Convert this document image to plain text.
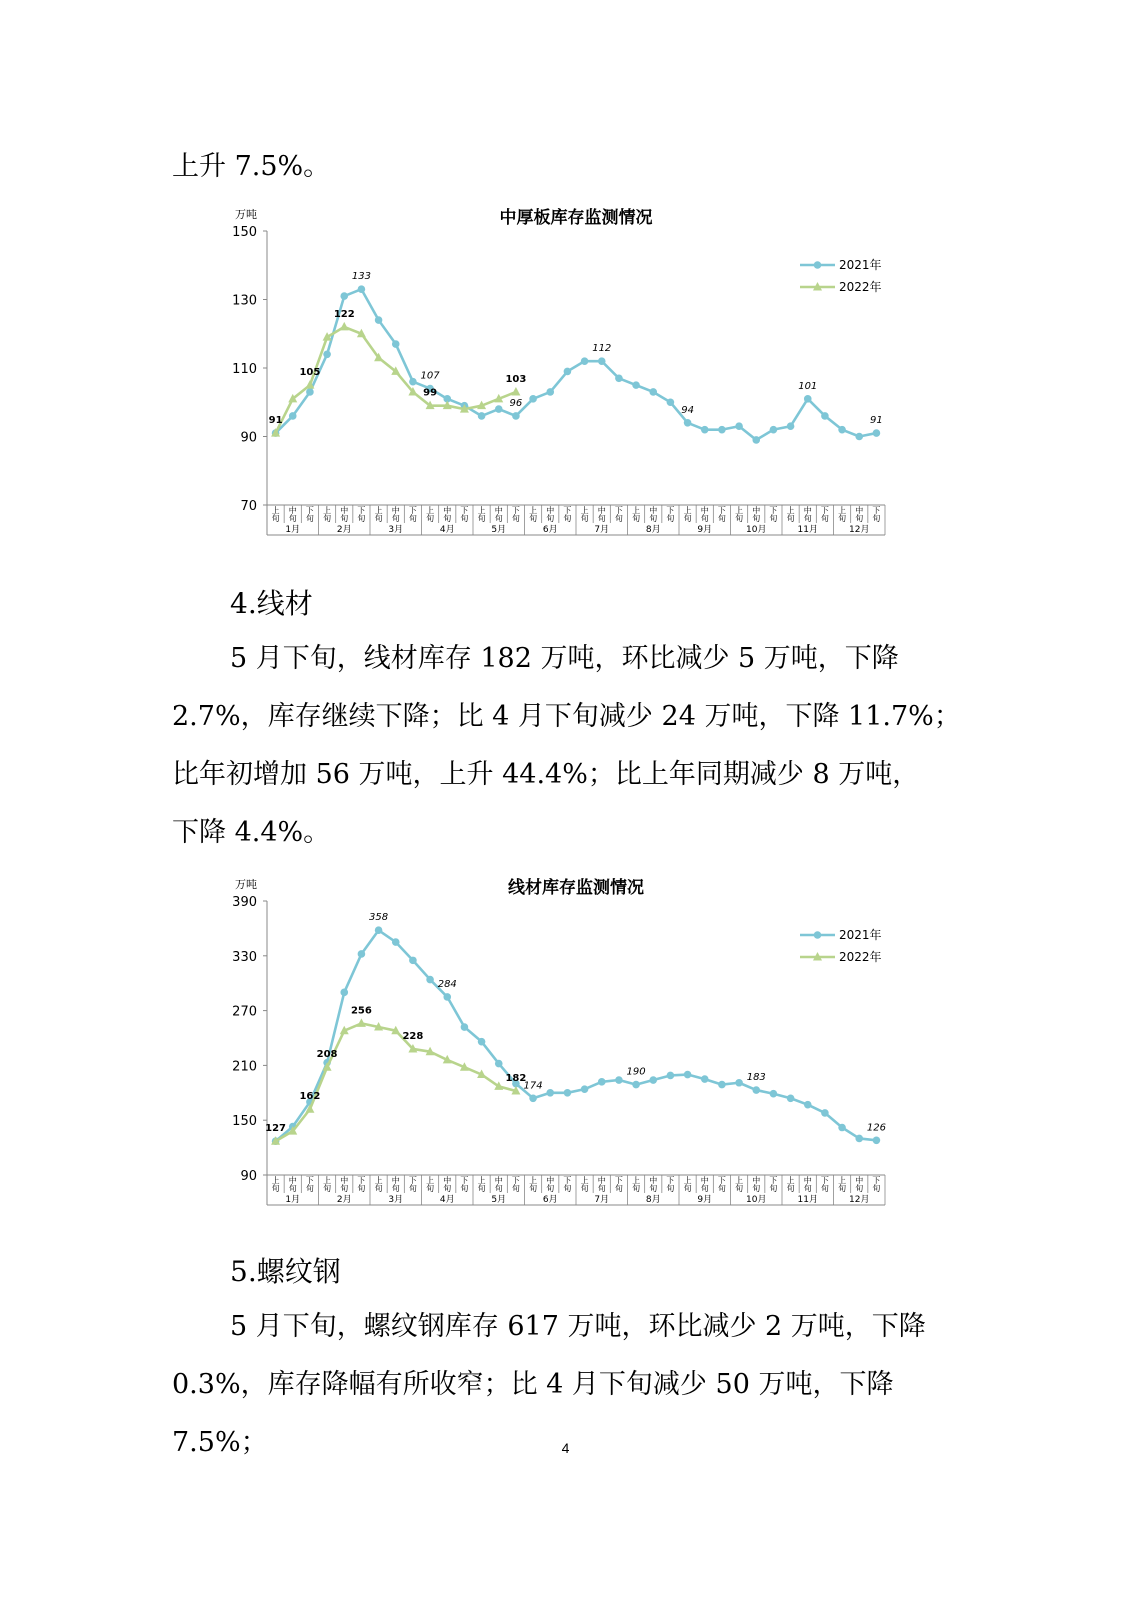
上升 7.5%。

中厚板库存监测情况
万吨
70
90
110
130
150
上
旬
中
旬
下
旬
上
旬
中
旬
下
旬
上
旬
中
旬
下
旬
上
旬
中
旬
下
旬
上
旬
中
旬
下
旬
上
旬
中
旬
下
旬
上
旬
中
旬
下
旬
上
旬
中
旬
下
旬
上
旬
中
旬
下
旬
上
旬
中
旬
下
旬
上
旬
中
旬
下
旬
上
旬
中
旬
下
旬
1月	2月	3月	4月	5月	6月	7月	8月	9月	10月	11月	12月
133
107
96
112
94
101
91
91
105
122
99
103
2021年
2022年

4.线材

5 月下旬，线材库存 182 万吨，环比减少 5 万吨，下降

2.7%，库存继续下降；比 4 月下旬减少 24 万吨，下降 11.7%；

比年初增加 56 万吨，上升 44.4%；比上年同期减少 8 万吨，

下降 4.4%。

线材库存监测情况
万吨
90
150
210
270
330
390
上
旬
中
旬
下
旬
上
旬
中
旬
下
旬
上
旬
中
旬
下
旬
上
旬
中
旬
下
旬
上
旬
中
旬
下
旬
上
旬
中
旬
下
旬
上
旬
中
旬
下
旬
上
旬
中
旬
下
旬
上
旬
中
旬
下
旬
上
旬
中
旬
下
旬
上
旬
中
旬
下
旬
上
旬
中
旬
下
旬
1月	2月	3月	4月	5月	6月	7月	8月	9月	10月	11月	12月
358
284
174
190	183
126
127
162
208
256
228
182
2021年
2022年

5.螺纹钢

5 月下旬，螺纹钢库存 617 万吨，环比减少 2 万吨，下降

0.3%，库存降幅有所收窄；比 4 月下旬减少 50 万吨，下降 7.5%；	4
